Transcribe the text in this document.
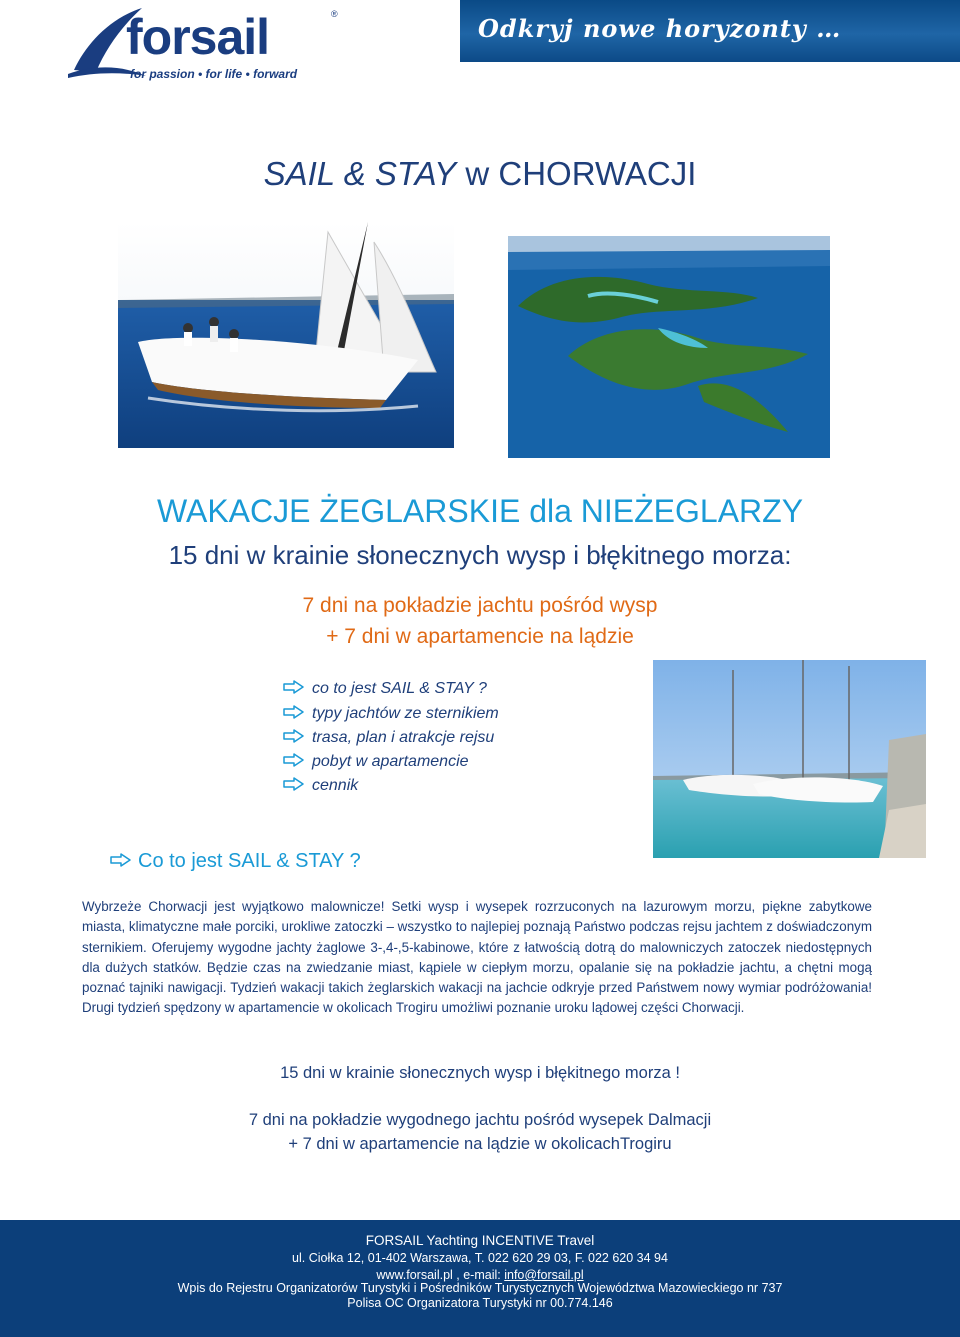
forsail	®
for passion • for life • forward
Odkryj nowe horyzonty …
SAIL & STAY w CHORWACJI
WAKACJE ŻEGLARSKIE dla NIEŻEGLARZY
15 dni w krainie słonecznych wysp i błękitnego morza:
7 dni na pokładzie jachtu pośród wysp
+ 7 dni w apartamencie na lądzie
co to jest SAIL & STAY ?
typy jachtów ze sternikiem
trasa, plan i atrakcje rejsu
pobyt w apartamencie
cennik
Co to jest SAIL & STAY ?

Wybrzeże Chorwacji jest wyjątkowo malownicze! Setki wysp i wysepek rozrzuconych na lazurowym morzu, piękne zabytkowe miasta, klimatyczne małe porciki, urokliwe zatoczki – wszystko to najlepiej poznają Państwo podczas rejsu jachtem z doświadczonym sternikiem. Oferujemy wygodne jachty żaglowe 3-,4-,5-kabinowe, które z łatwością dotrą do malowniczych zatoczek niedostępnych dla dużych statków. Będzie czas na zwiedzanie miast, kąpiele w ciepłym morzu, opalanie się na pokładzie jachtu, a chętni mogą poznać tajniki nawigacji. Tydzień wakacji takich żeglarskich wakacji na jachcie odkryje przed Państwem nowy wymiar podróżowania! Drugi tydzień spędzony w apartamencie w okolicach Trogiru umożliwi poznanie uroku lądowej części Chorwacji.

15 dni w krainie słonecznych wysp i błękitnego morza !
7 dni na pokładzie wygodnego jachtu pośród wysepek Dalmacji
+ 7 dni w apartamencie na lądzie w okolicachTrogiru
FORSAIL Yachting INCENTIVE Travel
ul. Ciołka 12, 01-402 Warszawa, T. 022 620 29 03, F. 022 620 34 94
www.forsail.pl , e-mail: info@forsail.pl
Wpis do Rejestru Organizatorów Turystyki i Pośredników Turystycznych Województwa Mazowieckiego nr 737
Polisa OC Organizatora Turystyki nr 00.774.146
